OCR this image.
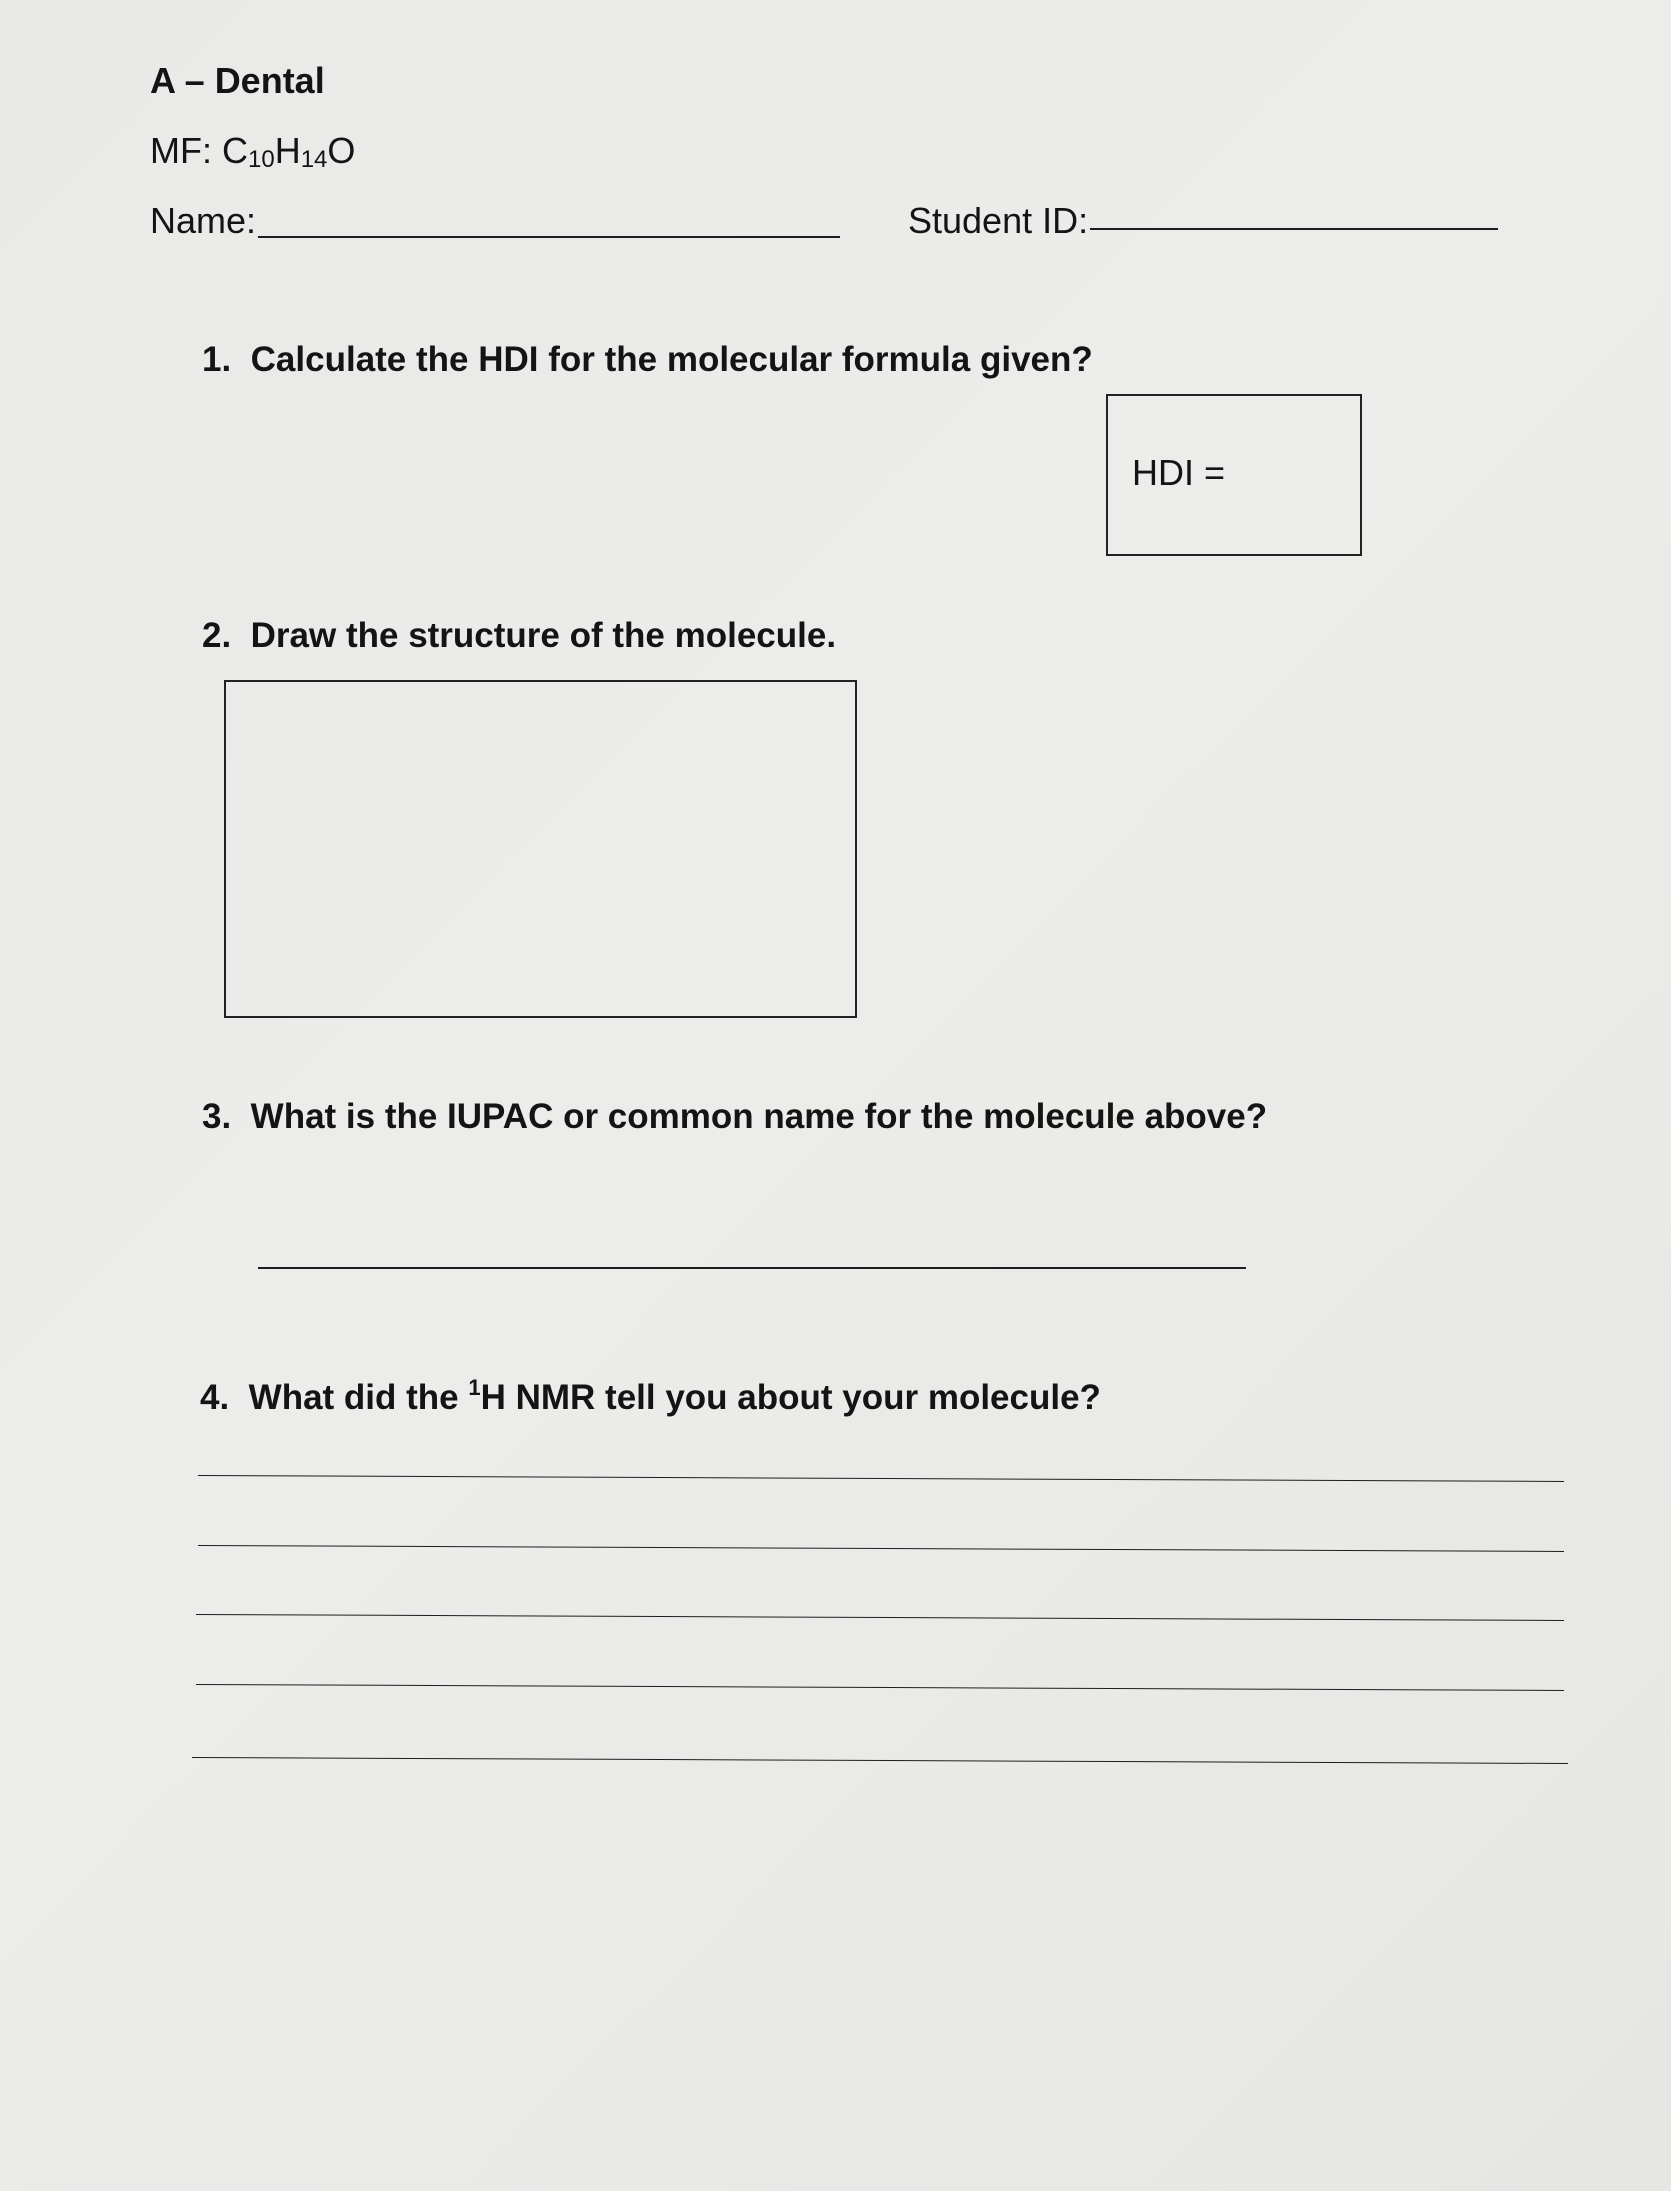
A – Dental
MF: $C_{10}H_{14}O$
Name:	Student ID:
1. Calculate the HDI for the molecular formula given?
HDI =
2. Draw the structure of the molecule.
3. What is the IUPAC or common name for the molecule above?
4. What did the $^1$H NMR tell you about your molecule?
